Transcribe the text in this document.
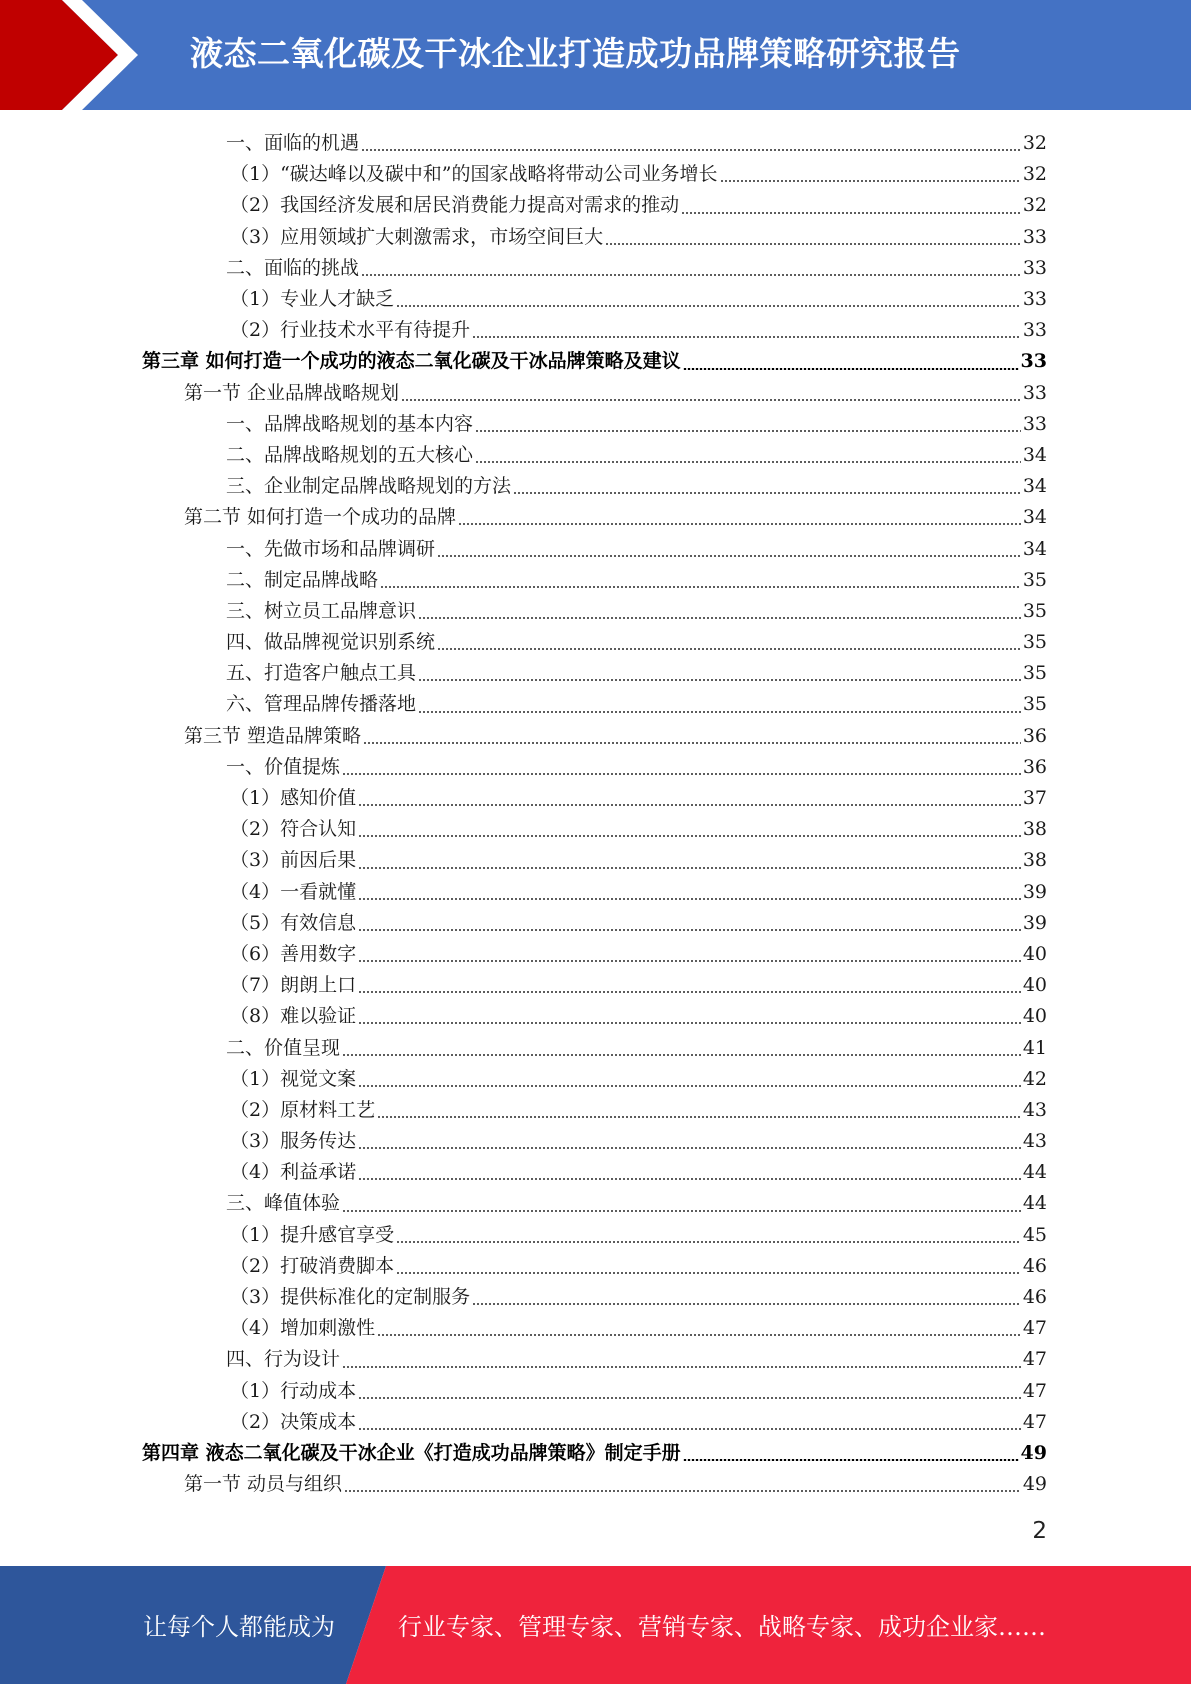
液态二氧化碳及干冰企业打造成功品牌策略研究报告
一、面临的机遇	32
（1）“碳达峰以及碳中和”的国家战略将带动公司业务增长	32
（2）我国经济发展和居民消费能力提高对需求的推动	32
（3）应用领域扩大刺激需求，市场空间巨大	33
二、面临的挑战	33
（1）专业人才缺乏	33
（2）行业技术水平有待提升	33
第三章 如何打造一个成功的液态二氧化碳及干冰品牌策略及建议	33
第一节 企业品牌战略规划	33
一、品牌战略规划的基本内容	33
二、品牌战略规划的五大核心	34
三、企业制定品牌战略规划的方法	34
第二节 如何打造一个成功的品牌	34
一、先做市场和品牌调研	34
二、制定品牌战略	35
三、树立员工品牌意识	35
四、做品牌视觉识别系统	35
五、打造客户触点工具	35
六、管理品牌传播落地	35
第三节 塑造品牌策略	36
一、价值提炼	36
（1）感知价值	37
（2）符合认知	38
（3）前因后果	38
（4）一看就懂	39
（5）有效信息	39
（6）善用数字	40
（7）朗朗上口	40
（8）难以验证	40
二、价值呈现	41
（1）视觉文案	42
（2）原材料工艺	43
（3）服务传达	43
（4）利益承诺	44
三、峰值体验	44
（1）提升感官享受	45
（2）打破消费脚本	46
（3）提供标准化的定制服务	46
（4）增加刺激性	47
四、行为设计	47
（1）行动成本	47
（2）决策成本	47
第四章 液态二氧化碳及干冰企业《打造成功品牌策略》制定手册	49
第一节 动员与组织	49
2
让每个人都能成为	行业专家、管理专家、营销专家、战略专家、成功企业家……
